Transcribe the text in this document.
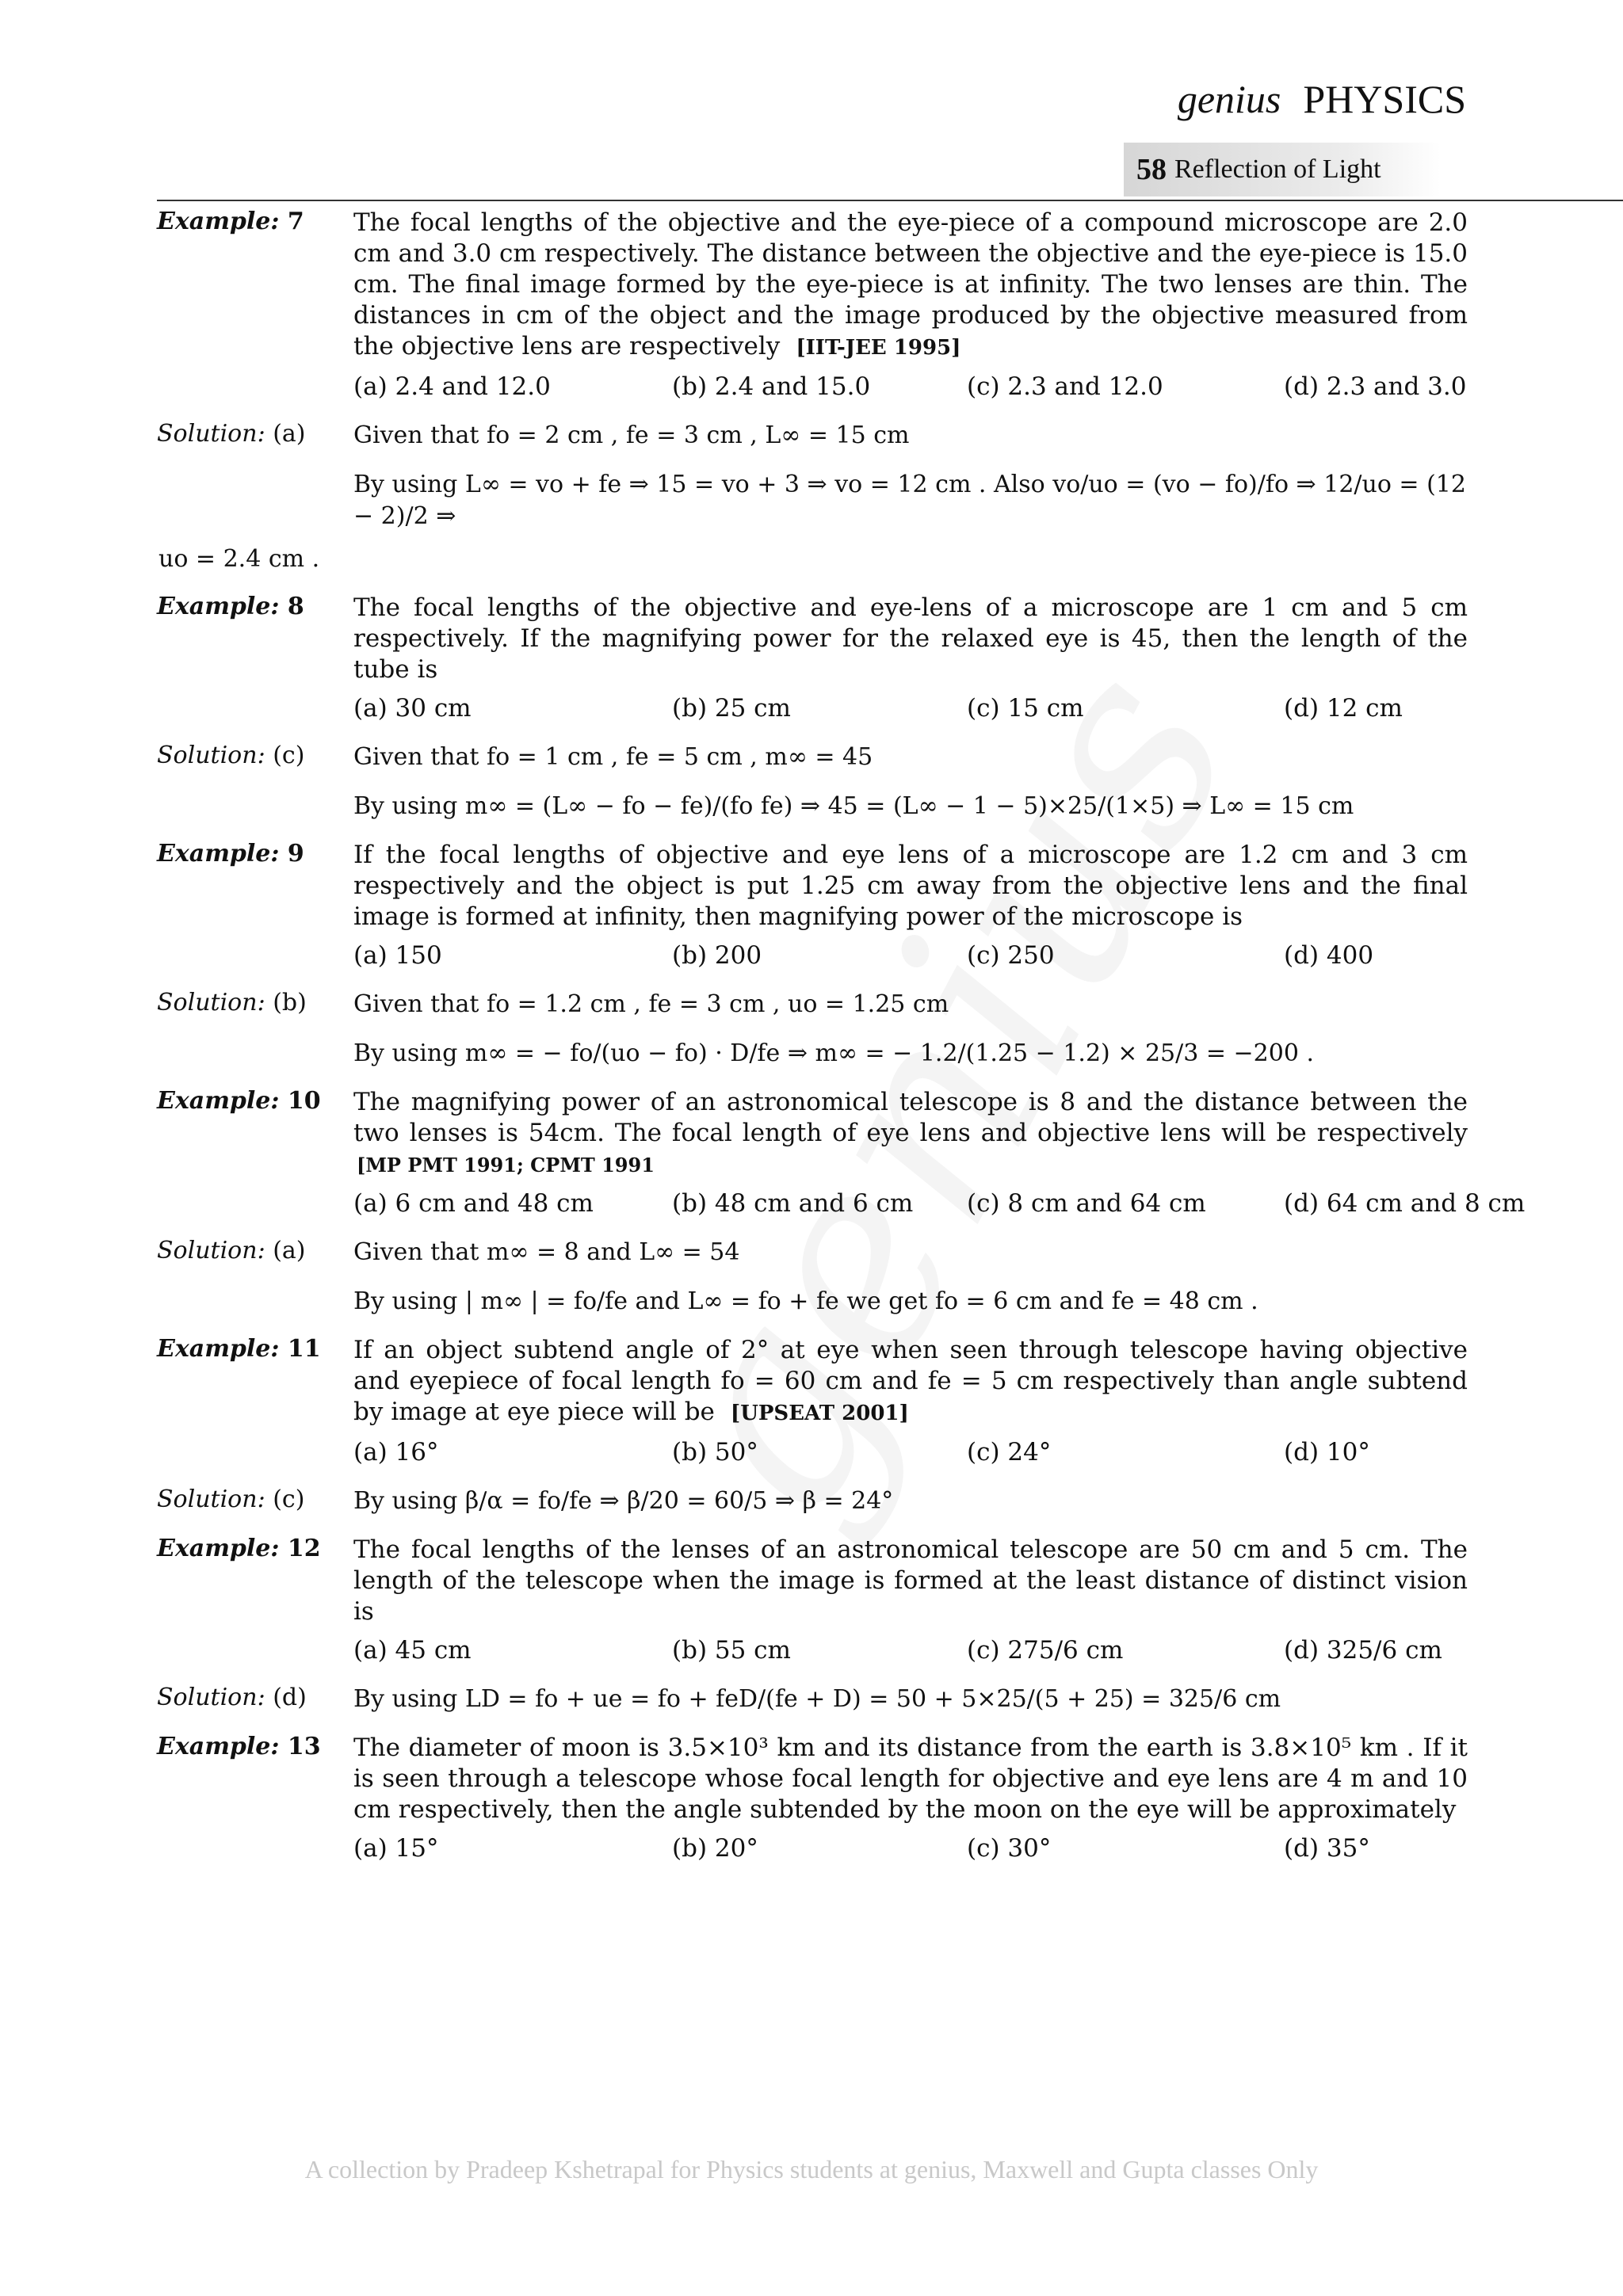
genius PHYSICS
58 Reflection of Light
Example: 7 The focal lengths of the objective and the eye-piece of a compound microscope are 2.0 cm and 3.0 cm respectively. The distance between the objective and the eye-piece is 15.0 cm. The final image formed by the eye-piece is at infinity. The two lenses are thin. The distances in cm of the object and the image produced by the objective measured from the objective lens are respectively [IIT-JEE 1995]
(a) 2.4 and 12.0	(b) 2.4 and 15.0	(c) 2.3 and 12.0	(d) 2.3 and 3.0
Solution: (a) Given that fo = 2 cm , fe = 3 cm , L∞ = 15 cm
By using L∞ = vo + fe ⇒ 15 = vo + 3 ⇒ vo = 12 cm . Also vo/uo = (vo − fo)/fo ⇒ 12/uo = (12 − 2)/2 ⇒
uo = 2.4 cm .
Example: 8 The focal lengths of the objective and eye-lens of a microscope are 1 cm and 5 cm respectively. If the magnifying power for the relaxed eye is 45, then the length of the tube is
(a) 30 cm	(b) 25 cm	(c) 15 cm	(d) 12 cm
Solution: (c) Given that fo = 1 cm , fe = 5 cm , m∞ = 45
By using m∞ = (L∞ − fo − fe)/(fo fe) ⇒ 45 = (L∞ − 1 − 5)×25/(1×5) ⇒ L∞ = 15 cm
Example: 9 If the focal lengths of objective and eye lens of a microscope are 1.2 cm and 3 cm respectively and the object is put 1.25 cm away from the objective lens and the final image is formed at infinity, then magnifying power of the microscope is
(a) 150	(b) 200	(c) 250	(d) 400
Solution: (b) Given that fo = 1.2 cm , fe = 3 cm , uo = 1.25 cm
By using m∞ = − fo/(uo − fo) · D/fe ⇒ m∞ = − 1.2/(1.25 − 1.2) × 25/3 = −200 .
Example: 10 The magnifying power of an astronomical telescope is 8 and the distance between the two lenses is 54cm. The focal length of eye lens and objective lens will be respectively [MP PMT 1991; CPMT 1991
(a) 6 cm and 48 cm	(b) 48 cm and 6 cm	(c) 8 cm and 64 cm	(d) 64 cm and 8 cm
Solution: (a) Given that m∞ = 8 and L∞ = 54
By using | m∞ | = fo/fe and L∞ = fo + fe we get fo = 6 cm and fe = 48 cm .
Example: 11 If an object subtend angle of 2° at eye when seen through telescope having objective and eyepiece of focal length fo = 60 cm and fe = 5 cm respectively than angle subtend by image at eye piece will be [UPSEAT 2001]
(a) 16°	(b) 50°	(c) 24°	(d) 10°
Solution: (c) By using β/α = fo/fe ⇒ β/20 = 60/5 ⇒ β = 24°
Example: 12 The focal lengths of the lenses of an astronomical telescope are 50 cm and 5 cm. The length of the telescope when the image is formed at the least distance of distinct vision is
(a) 45 cm	(b) 55 cm	(c) 275/6 cm	(d) 325/6 cm
Solution: (d) By using LD = fo + ue = fo + feD/(fe + D) = 50 + 5×25/(5 + 25) = 325/6 cm
Example: 13 The diameter of moon is 3.5×10³ km and its distance from the earth is 3.8×10⁵ km . If it is seen through a telescope whose focal length for objective and eye lens are 4 m and 10 cm respectively, then the angle subtended by the moon on the eye will be approximately
(a) 15°	(b) 20°	(c) 30°	(d) 35°
A collection by Pradeep Kshetrapal for Physics students at genius, Maxwell and Gupta classes Only
